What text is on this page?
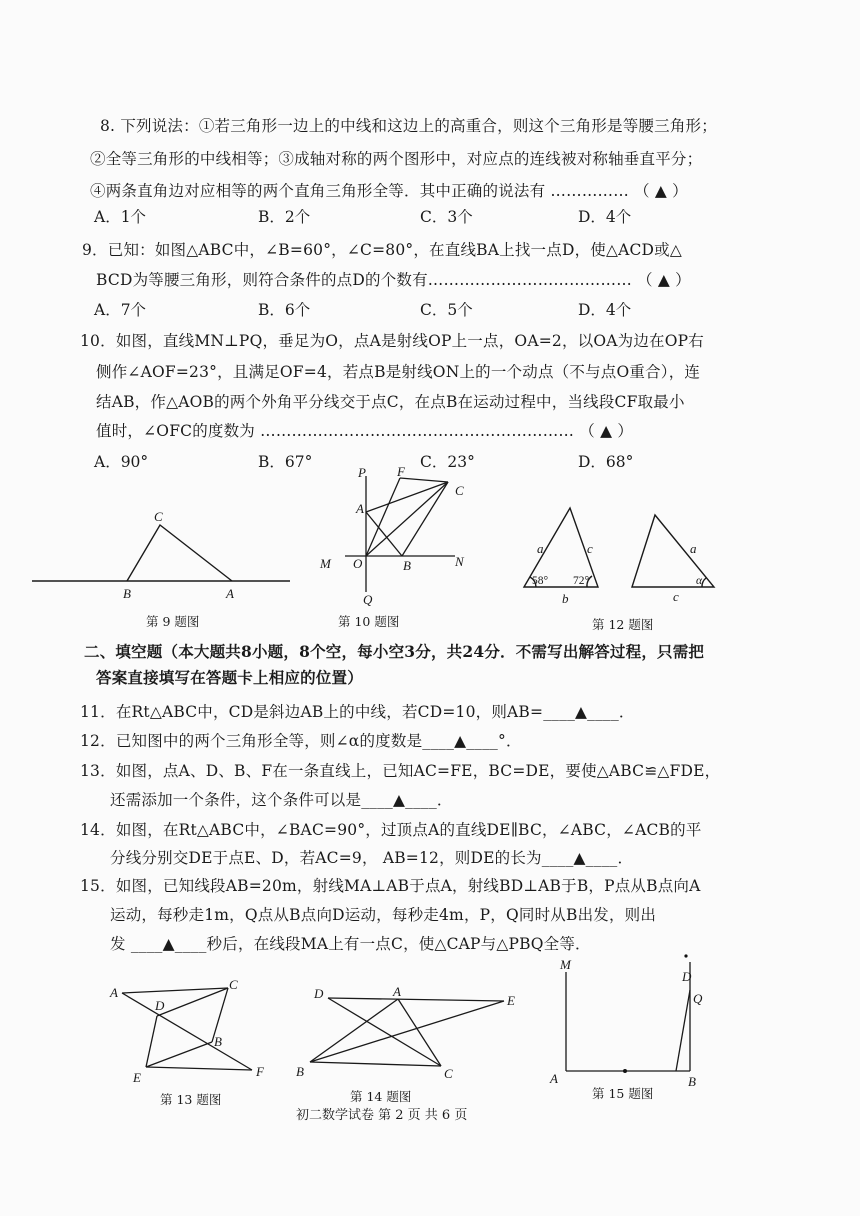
8. 下列说法：①若三角形一边上的中线和这边上的高重合，则这个三角形是等腰三角形；
②全等三角形的中线相等；③成轴对称的两个图形中，对应点的连线被对称轴垂直平分；
④两条直角边对应相等的两个直角三角形全等．其中正确的说法有 …………… （ ▲ ）
A．1个	B．2个	C．3个	D．4个
9．已知：如图△ABC中，∠B=60°，∠C=80°，在直线BA上找一点D，使△ACD或△
BCD为等腰三角形，则符合条件的点D的个数有………………………………… （ ▲ ）
A．7个	B．6个	C．5个	D．4个
10．如图，直线MN⊥PQ，垂足为O，点A是射线OP上一点，OA=2，以OA为边在OP右
侧作∠AOF=23°，且满足OF=4，若点B是射线ON上的一个动点（不与点O重合），连
结AB，作△AOB的两个外角平分线交于点C，在点B在运动过程中，当线段CF取最小
值时，∠OFC的度数为 …………………………………………………… （ ▲ ）
A．90°	B．67°	C．23°	D．68°
C
B	A
P F
C
A
M O	B	N
Q
a	c
58° 72°
b
a
α
c
第 9 题图	第 10 题图	第 12 题图
二、填空题（本大题共8小题，8个空，每小空3分，共24分．不需写出解答过程，只需把
答案直接填写在答题卡上相应的位置）
11．在Rt△ABC中，CD是斜边AB上的中线，若CD=10，则AB=____▲____．
12．已知图中的两个三角形全等，则∠α的度数是____▲____°．
13．如图，点A、D、B、F在一条直线上，已知AC=FE，BC=DE，要使△ABC≌△FDE，
还需添加一个条件，这个条件可以是____▲____．
14．如图，在Rt△ABC中，∠BAC=90°，过顶点A的直线DE∥BC，∠ABC，∠ACB的平
分线分别交DE于点E、D，若AC=9， AB=12，则DE的长为____▲____．
15．如图，已知线段AB=20m，射线MA⊥AB于点A，射线BD⊥AB于B，P点从B点向A
运动，每秒走1m，Q点从B点向D运动，每秒走4m，P，Q同时从B出发，则出
发 ____▲____秒后，在线段MA上有一点C，使△CAP与△PBQ全等．
A
D
C
B
E	F
D	A
E
B	C
M
D
Q
A	B
第 13 题图	第 14 题图	第 15 题图
初二数学试卷 第 2 页 共 6 页
